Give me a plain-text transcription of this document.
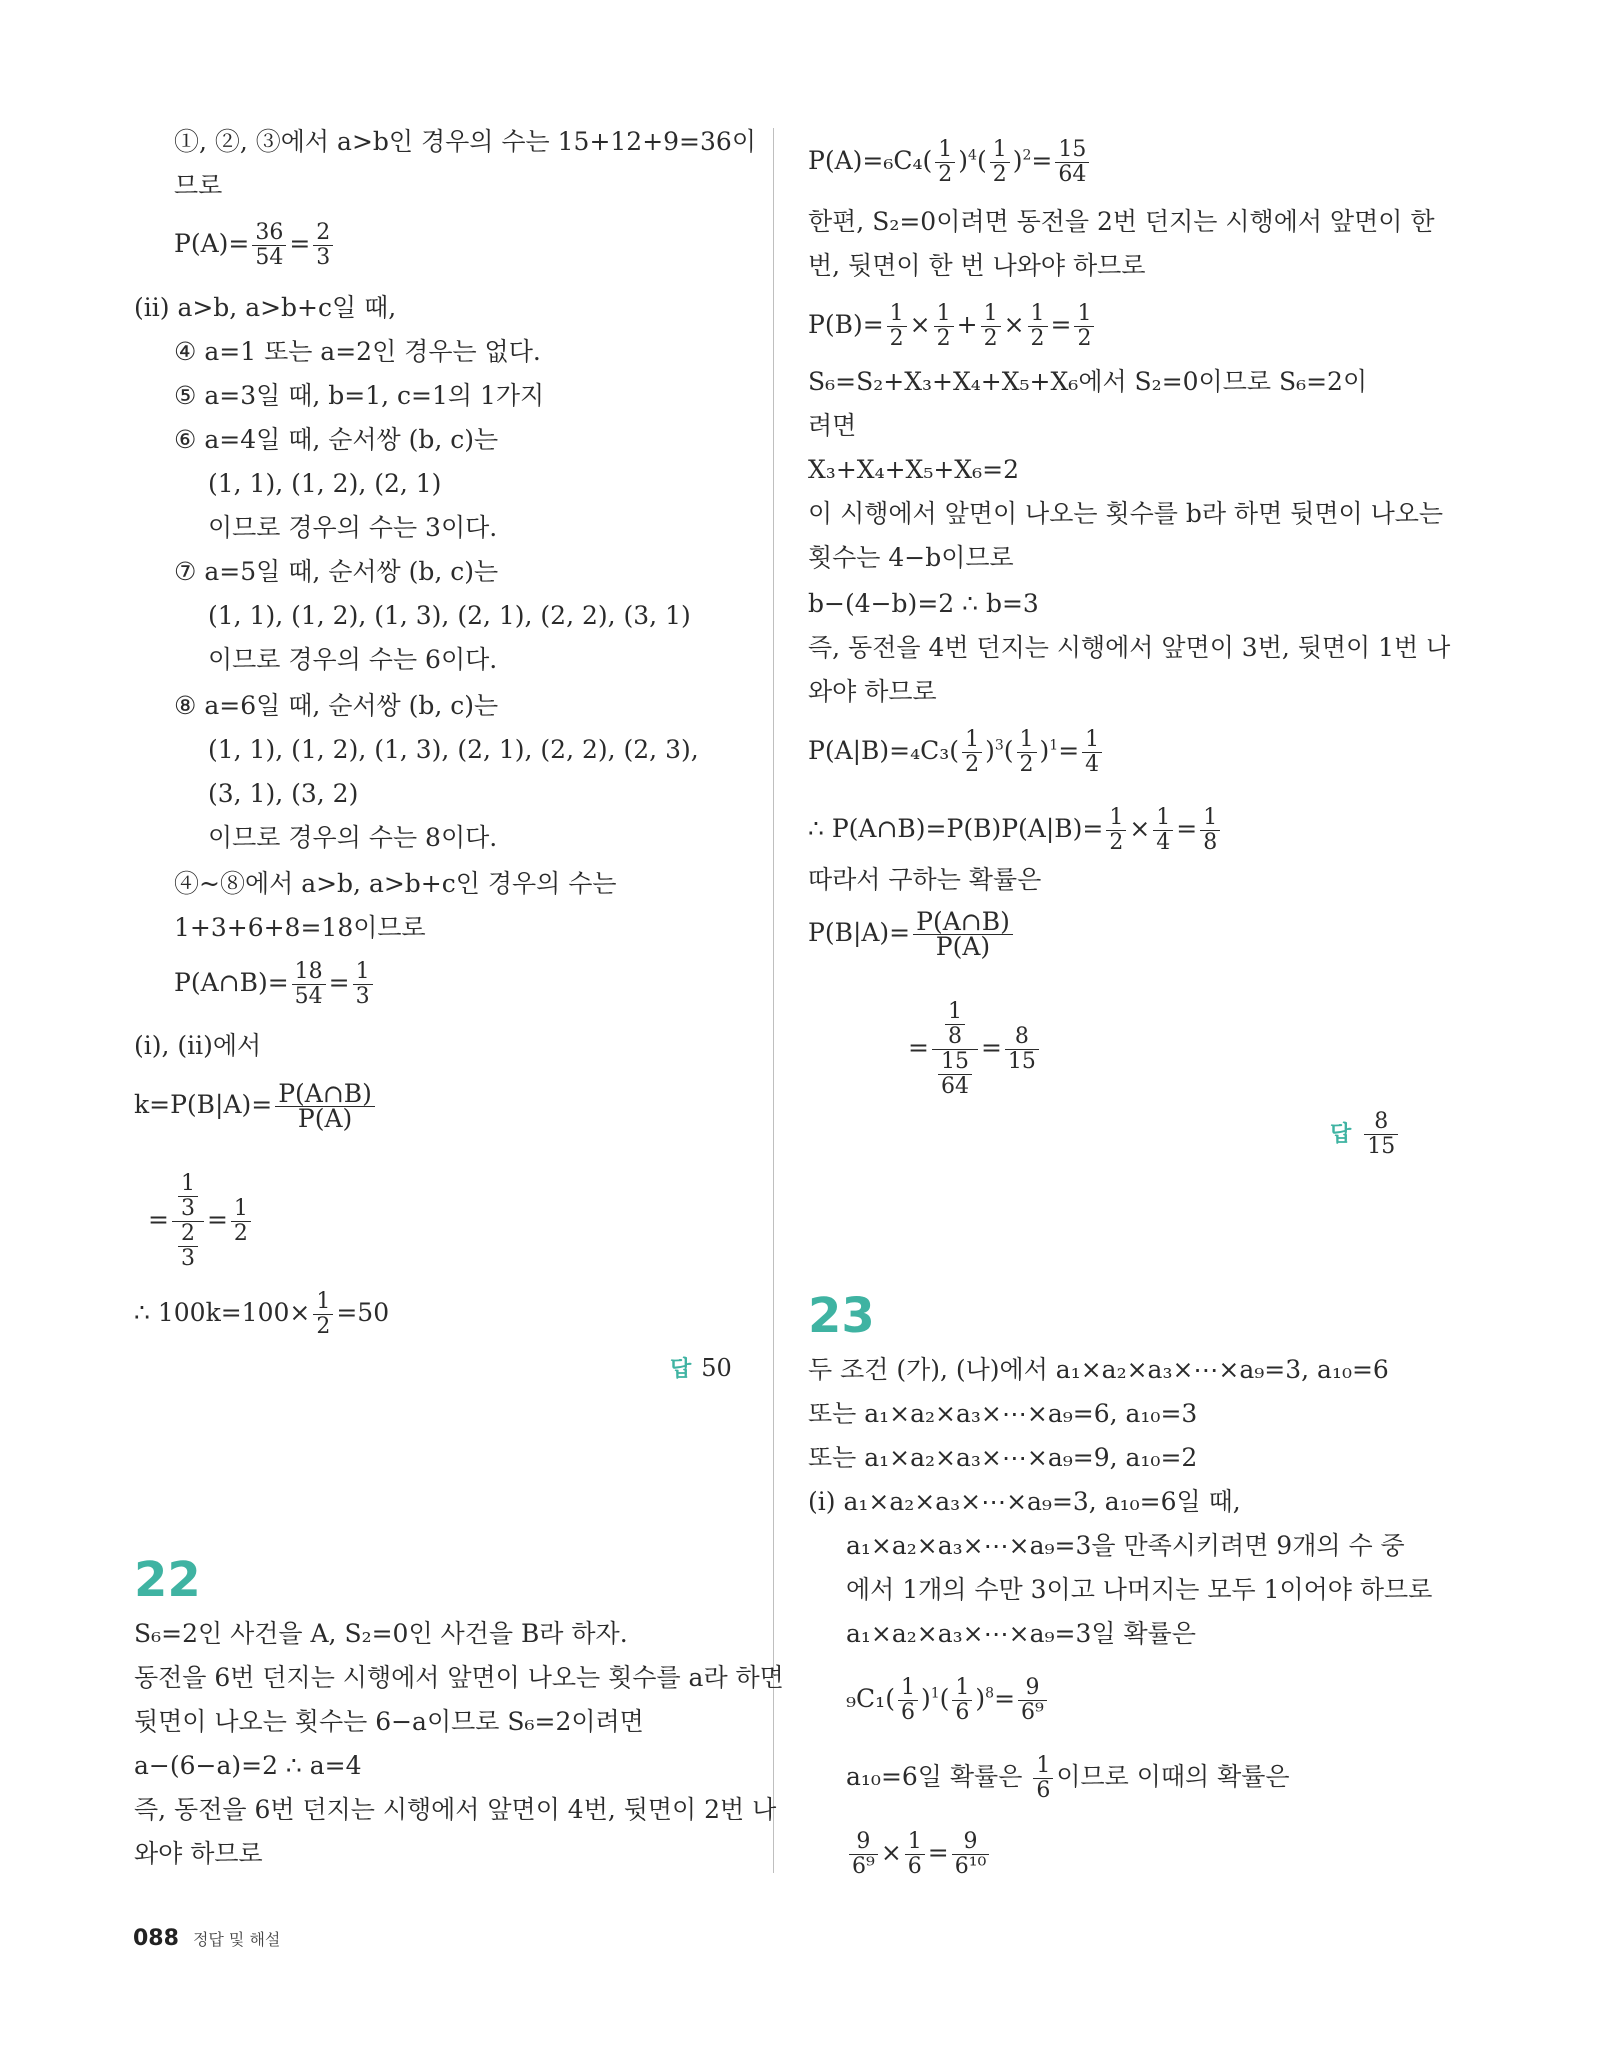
①, ②, ③에서 a>b인 경우의 수는 15+12+9=36이
므로
$P(A)= \frac{36}{54} = \frac{2}{3}$
(ii) a>b, a>b+c일 때,
④ a=1 또는 a=2인 경우는 없다.
⑤ a=3일 때, b=1, c=1의 1가지
⑥ a=4일 때, 순서쌍 (b, c)는
(1, 1), (1, 2), (2, 1)
이므로 경우의 수는 3이다.
⑦ a=5일 때, 순서쌍 (b, c)는
(1, 1), (1, 2), (1, 3), (2, 1), (2, 2), (3, 1)
이므로 경우의 수는 6이다.
⑧ a=6일 때, 순서쌍 (b, c)는
(1, 1), (1, 2), (1, 3), (2, 1), (2, 2), (2, 3),
(3, 1), (3, 2)
이므로 경우의 수는 8이다.
④~⑧에서 a>b, a>b+c인 경우의 수는
1+3+6+8=18이므로
P(A∩B)= $\frac{18}{54} = \frac{1}{3}$
(i), (ii)에서
$k=P(B|A)= \frac{P(A\cap B)}{P(A)}$
= $\frac{\frac{1}{3}}{\frac{2}{3}} = \frac{1}{2}$
∴ $100k=100\times \frac{1}{2} =50$
답 50
22
S₆=2인 사건을 A, S₂=0인 사건을 B라 하자.
동전을 6번 던지는 시행에서 앞면이 나오는 횟수를 a라 하면
뒷면이 나오는 횟수는 6−a이므로 S₆=2이려면
a−(6−a)=2 ∴ a=4
즉, 동전을 6번 던지는 시행에서 앞면이 4번, 뒷면이 2번 나
와야 하므로
$P(A)=_6C_4( \frac{1}{2} )^4( \frac{1}{2} )^2= \frac{15}{64}$
한편, S₂=0이려면 동전을 2번 던지는 시행에서 앞면이 한
번, 뒷면이 한 번 나와야 하므로
$P(B)= \frac{1}{2} \times \frac{1}{2} + \frac{1}{2} \times \frac{1}{2} = \frac{1}{2}$
S₆=S₂+X₃+X₄+X₅+X₆에서 S₂=0이므로 S₆=2이
려면
X₃+X₄+X₅+X₆=2
이 시행에서 앞면이 나오는 횟수를 b라 하면 뒷면이 나오는
횟수는 4−b이므로
b−(4−b)=2 ∴ b=3
즉, 동전을 4번 던지는 시행에서 앞면이 3번, 뒷면이 1번 나
와야 하므로
$P(A|B)=_4C_3( \frac{1}{2} )^3( \frac{1}{2} )^1= \frac{1}{4}$
∴ P(A∩B)=P(B)P(A|B)= $\frac{1}{2} \times \frac{1}{4} = \frac{1}{8}$
따라서 구하는 확률은
$P(B|A)= \frac{P(A\cap B)}{P(A)}$
= $\frac{\frac{1}{8}}{\frac{15}{64}} = \frac{8}{15}$
답 $\frac{8}{15}$
23
두 조건 (가), (나)에서 a₁×a₂×a₃×⋯×a₉=3, a₁₀=6
또는 a₁×a₂×a₃×⋯×a₉=6, a₁₀=3
또는 a₁×a₂×a₃×⋯×a₉=9, a₁₀=2
(i) a₁×a₂×a₃×⋯×a₉=3, a₁₀=6일 때,
a₁×a₂×a₃×⋯×a₉=3을 만족시키려면 9개의 수 중
에서 1개의 수만 3이고 나머지는 모두 1이어야 하므로
a₁×a₂×a₃×⋯×a₉=3일 확률은
$_9C_1( \frac{1}{6} )^1( \frac{1}{6} )^8= \frac{9}{\text{6⁹}}$
a₁₀=6일 확률은 $\frac{1}{6}$ 이므로 이때의 확률은
$\frac{9}{\text{6⁹}} \times \frac{1}{6} = \frac{9}{\text{6¹⁰}}$
088 정답 및 해설
